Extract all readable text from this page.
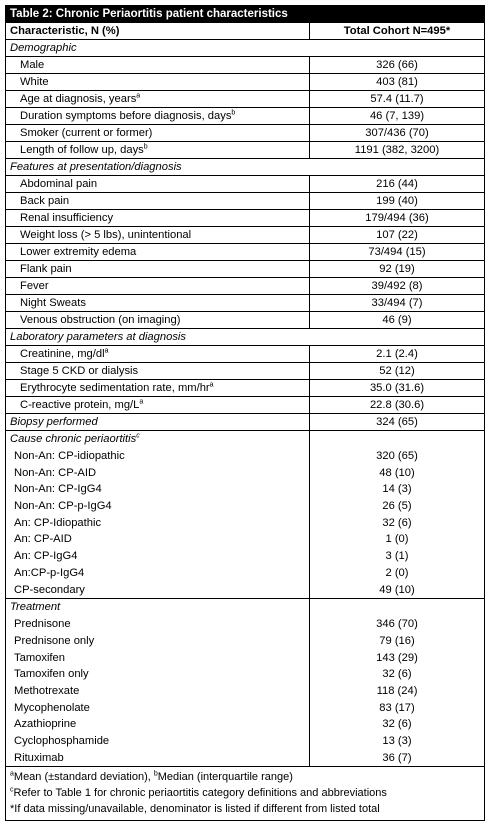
Table 2: Chronic Periaortitis patient characteristics
Characteristic, N (%)	Total Cohort N=495*
Demographic
Male	326 (66)
White	403 (81)
Age at diagnosis, years$^a$	57.4 (11.7)
Duration symptoms before diagnosis, days$^b$	46 (7, 139)
Smoker (current or former)	307/436 (70)
Length of follow up, days$^b$	1191 (382, 3200)
Features at presentation/diagnosis
Abdominal pain	216 (44)
Back pain	199 (40)
Renal insufficiency	179/494 (36)
Weight loss (> 5 lbs), unintentional	107 (22)
Lower extremity edema	73/494 (15)
Flank pain	92 (19)
Fever	39/492 (8)
Night Sweats	33/494 (7)
Venous obstruction (on imaging)	46 (9)
Laboratory parameters at diagnosis
Creatinine, $mg/dl^a$	2.1 (2.4)
Stage 5 CKD or dialysis	52 (12)
Erythrocyte sedimentation rate, $mm/hr^a$	35.0 (31.6)
C-reactive protein, $mg/L^a$	22.8 (30.6)
Biopsy performed	324 (65)
Cause chronic periaortitis$^c$
Non-An: CP-idiopathic	320 (65)
Non-An: CP-AID	48 (10)
Non-An: CP-IgG4	14 (3)
Non-An: CP-p-IgG4	26 (5)
An: CP-Idiopathic	32 (6)
An: CP-AID	1 (0)
An: CP-IgG4	3 (1)
An:CP-p-IgG4	2 (0)
CP-secondary	49 (10)
Treatment
Prednisone	346 (70)
Prednisone only	79 (16)
Tamoxifen	143 (29)
Tamoxifen only	32 (6)
Methotrexate	118 (24)
Mycophenolate	83 (17)
Azathioprine	32 (6)
Cyclophosphamide	13 (3)
Rituximab	36 (7)
$^a$Mean (±standard deviation), $^b$Median (interquartile range)
$^c$Refer to Table 1 for chronic periaortitis category definitions and abbreviations
*If data missing/unavailable, denominator is listed if different from listed total
